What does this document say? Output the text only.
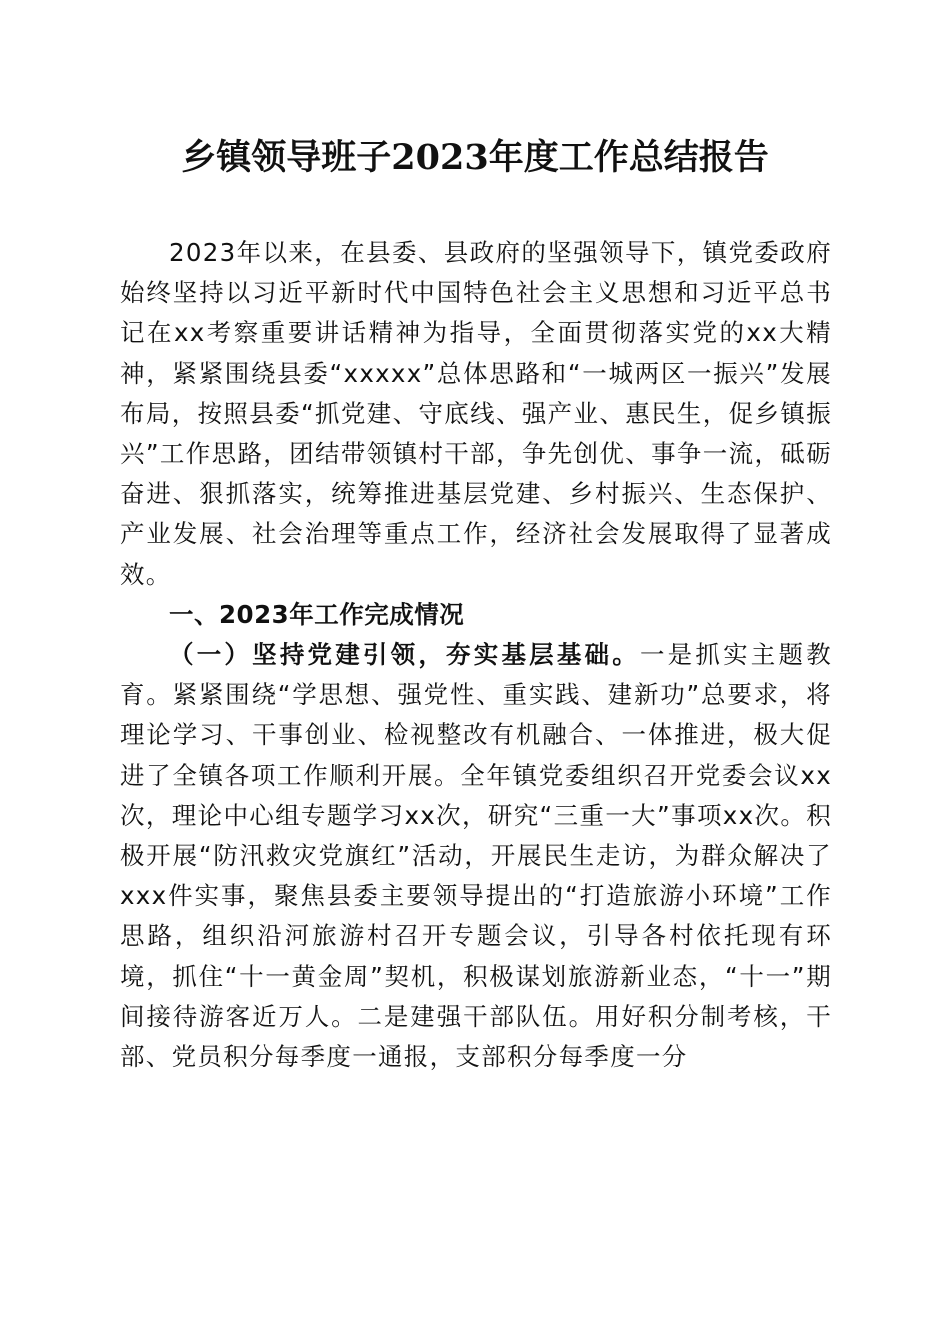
乡镇领导班子2023年度工作总结报告

2023年以来，在县委、县政府的坚强领导下，镇党委政府始终坚持以习近平新时代中国特色社会主义思想和习近平总书记在xx考察重要讲话精神为指导，全面贯彻落实党的xx大精神，紧紧围绕县委“xxxxx”总体思路和“一城两区一振兴”发展布局，按照县委“抓党建、守底线、强产业、惠民生，促乡镇振兴”工作思路，团结带领镇村干部，争先创优、事争一流，砥砺奋进、狠抓落实，统筹推进基层党建、乡村振兴、生态保护、产业发展、社会治理等重点工作，经济社会发展取得了显著成效。

一、2023年工作完成情况

（一）坚持党建引领，夯实基层基础。一是抓实主题教育。紧紧围绕“学思想、强党性、重实践、建新功”总要求，将理论学习、干事创业、检视整改有机融合、一体推进，极大促进了全镇各项工作顺利开展。全年镇党委组织召开党委会议xx次，理论中心组专题学习xx次，研究“三重一大”事项xx次。积极开展“防汛救灾党旗红”活动，开展民生走访，为群众解决了xxx件实事，聚焦县委主要领导提出的“打造旅游小环境”工作思路，组织沿河旅游村召开专题会议，引导各村依托现有环境，抓住“十一黄金周”契机，积极谋划旅游新业态，“十一”期间接待游客近万人。二是建强干部队伍。用好积分制考核，干部、党员积分每季度一通报，支部积分每季度一分
